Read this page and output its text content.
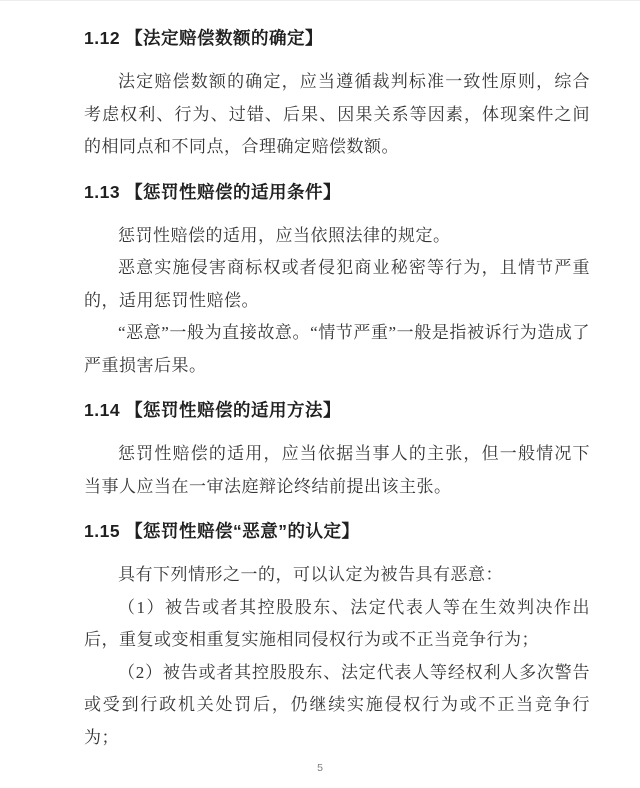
1.12 【法定赔偿数额的确定】

法定赔偿数额的确定，应当遵循裁判标准一致性原则，综合考虑权利、行为、过错、后果、因果关系等因素，体现案件之间的相同点和不同点，合理确定赔偿数额。

1.13 【惩罚性赔偿的适用条件】

惩罚性赔偿的适用，应当依照法律的规定。

恶意实施侵害商标权或者侵犯商业秘密等行为，且情节严重的，适用惩罚性赔偿。

“恶意”一般为直接故意。“情节严重”一般是指被诉行为造成了严重损害后果。

1.14 【惩罚性赔偿的适用方法】

惩罚性赔偿的适用，应当依据当事人的主张，但一般情况下当事人应当在一审法庭辩论终结前提出该主张。

1.15 【惩罚性赔偿“恶意”的认定】

具有下列情形之一的，可以认定为被告具有恶意：

（1）被告或者其控股股东、法定代表人等在生效判决作出后，重复或变相重复实施相同侵权行为或不正当竞争行为；

（2）被告或者其控股股东、法定代表人等经权利人多次警告或受到行政机关处罚后，仍继续实施侵权行为或不正当竞争行为；

5
